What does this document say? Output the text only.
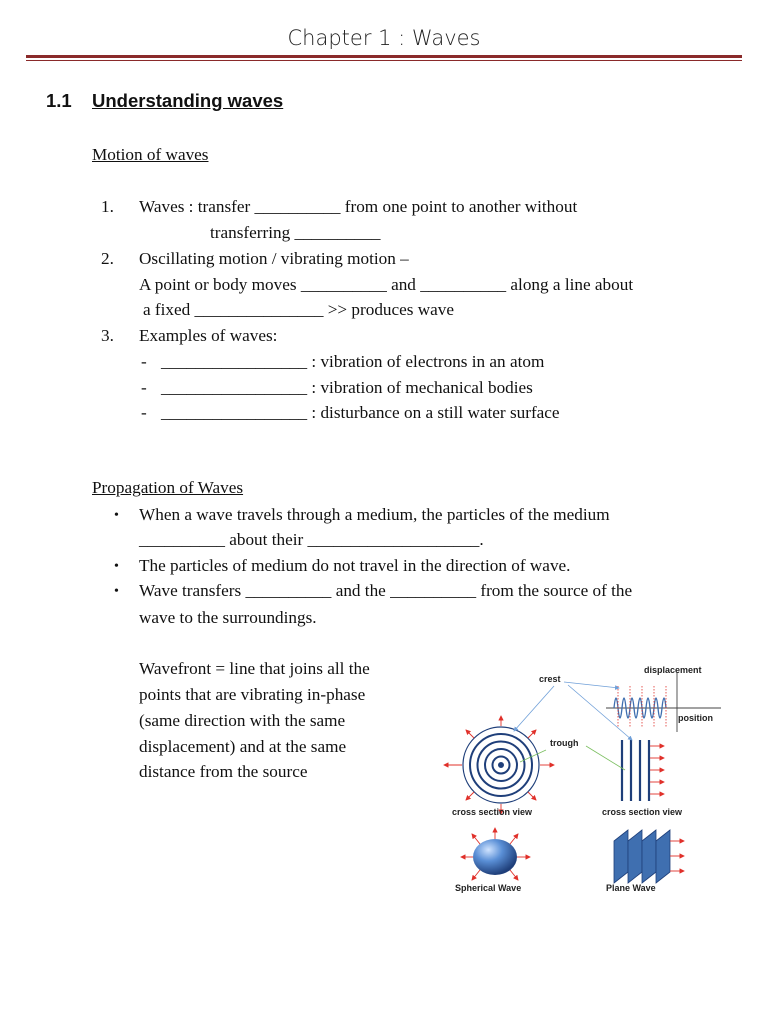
Chapter 1 : Waves
1.1 Understanding waves
Motion of waves
1. Waves : transfer __________ from one point to another without
transferring __________
2. Oscillating motion / vibrating motion –
A point or body moves __________ and __________ along a line about
a fixed _______________ >> produces wave
3. Examples of waves:
- _________________ : vibration of electrons in an atom
- _________________ : vibration of mechanical bodies
- _________________ : disturbance on a still water surface
Propagation of Waves
• When a wave travels through a medium, the particles of the medium
__________ about their ____________________.
• The particles of medium do not travel in the direction of wave.
• Wave transfers __________ and the __________ from the source of the
wave to the surroundings.
Wavefront = line that joins all the
points that are vibrating in-phase
(same direction with the same
displacement) and at the same
distance from the source
crest
displacement
position
trough
cross section view	cross section view
Spherical Wave	Plane Wave
